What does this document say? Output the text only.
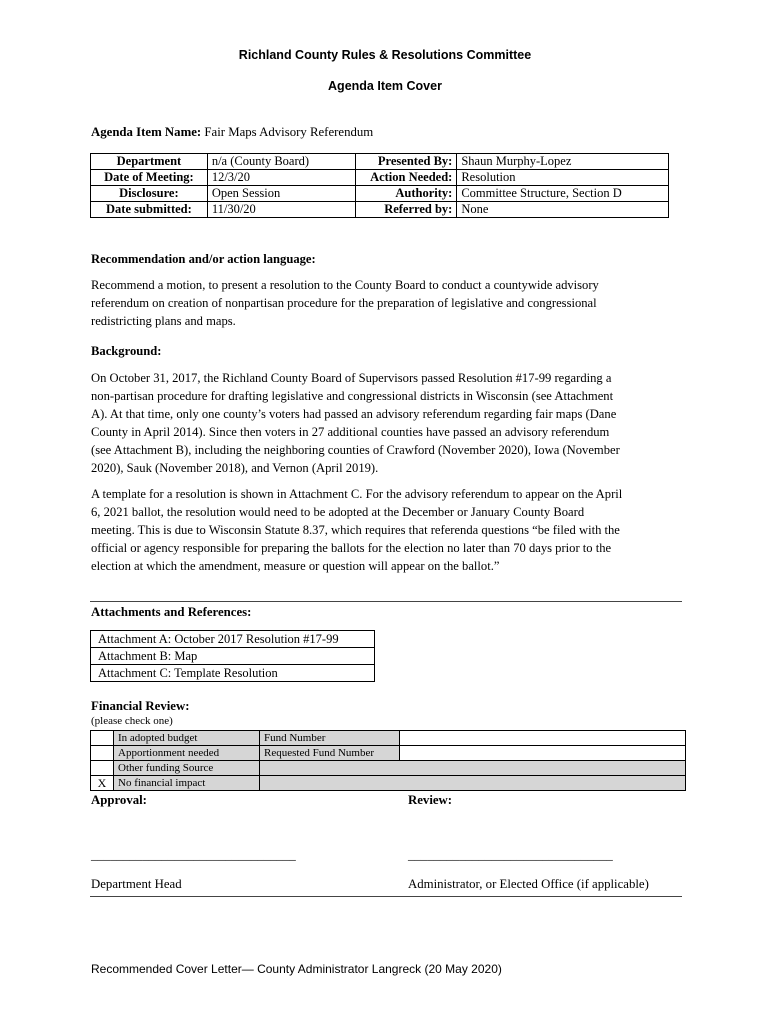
Richland County Rules & Resolutions Committee
Agenda Item Cover
Agenda Item Name: Fair Maps Advisory Referendum
Department	n/a (County Board)	Presented By:	Shaun Murphy-Lopez
Date of Meeting:	12/3/20	Action Needed:	Resolution
Disclosure:	Open Session	Authority:	Committee Structure, Section D
Date submitted:	11/30/20	Referred by:	None
Recommendation and/or action language:
Recommend a motion, to present a resolution to the County Board to conduct a countywide advisory
referendum on creation of nonpartisan procedure for the preparation of legislative and congressional
redistricting plans and maps.
Background:
On October 31, 2017, the Richland County Board of Supervisors passed Resolution #17-99 regarding a
non-partisan procedure for drafting legislative and congressional districts in Wisconsin (see Attachment
A). At that time, only one county’s voters had passed an advisory referendum regarding fair maps (Dane
County in April 2014). Since then voters in 27 additional counties have passed an advisory referendum
(see Attachment B), including the neighboring counties of Crawford (November 2020), Iowa (November
2020), Sauk (November 2018), and Vernon (April 2019).
A template for a resolution is shown in Attachment C. For the advisory referendum to appear on the April
6, 2021 ballot, the resolution would need to be adopted at the December or January County Board
meeting. This is due to Wisconsin Statute 8.37, which requires that referenda questions “be filed with the
official or agency responsible for preparing the ballots for the election no later than 70 days prior to the
election at which the amendment, measure or question will appear on the ballot.”
Attachments and References:
Attachment A: October 2017 Resolution #17-99
Attachment B: Map
Attachment C: Template Resolution
Financial Review:
(please check one)
	In adopted budget	Fund Number	
	Apportionment needed	Requested Fund Number	
	Other funding Source		
X	No financial impact		
Approval:	Review:
________________________________	________________________________
Department Head	Administrator, or Elected Office (if applicable)
Recommended Cover Letter— County Administrator Langreck (20 May 2020)
